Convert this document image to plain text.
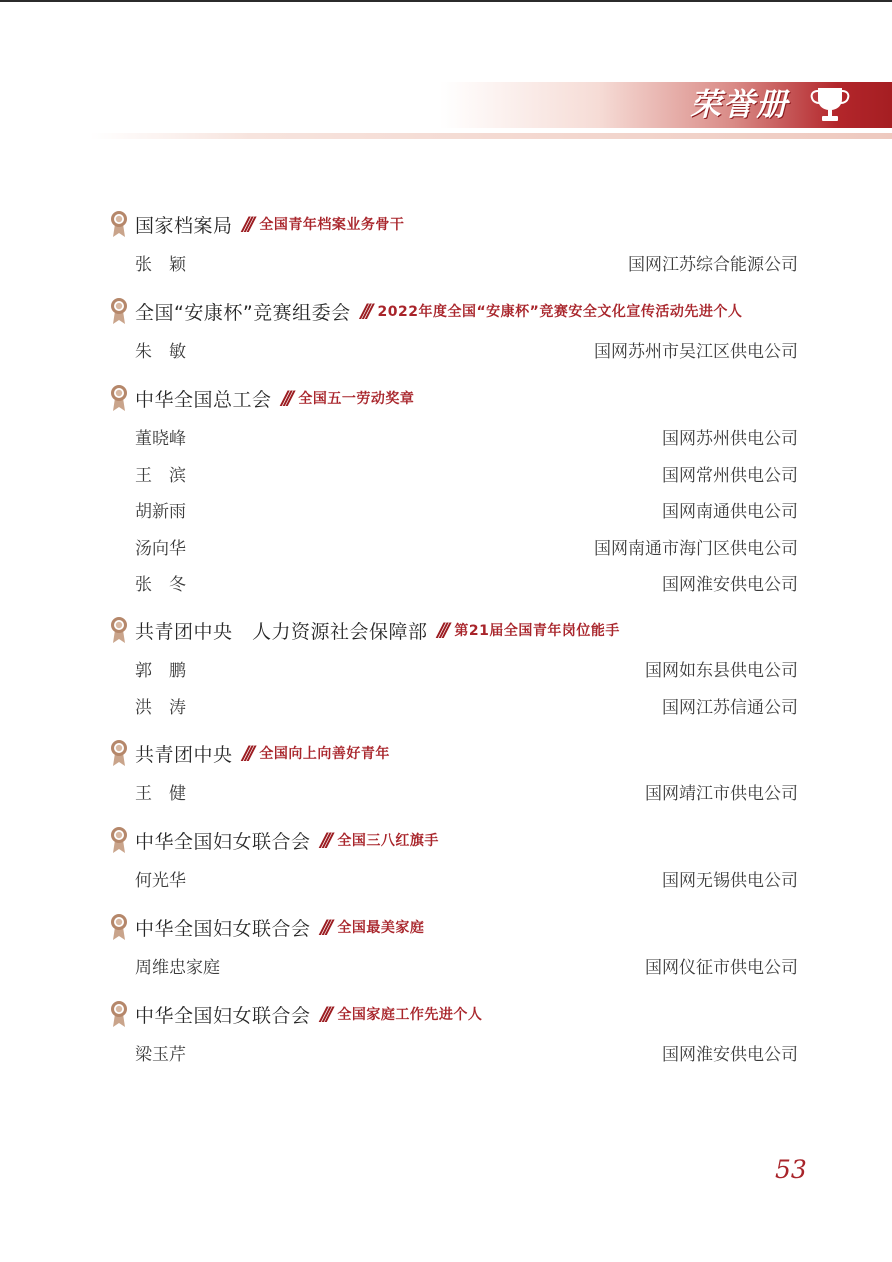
荣誉册
国家档案局 /// 全国青年档案业务骨干
张　颖	国网江苏综合能源公司
全国“安康杯”竞赛组委会 /// 2022年度全国“安康杯”竞赛安全文化宣传活动先进个人
朱　敏	国网苏州市吴江区供电公司
中华全国总工会 /// 全国五一劳动奖章
董晓峰	国网苏州供电公司
王　滨	国网常州供电公司
胡新雨	国网南通供电公司
汤向华	国网南通市海门区供电公司
张　冬	国网淮安供电公司
共青团中央　人力资源社会保障部 /// 第21届全国青年岗位能手
郭　鹏	国网如东县供电公司
洪　涛	国网江苏信通公司
共青团中央 /// 全国向上向善好青年
王　健	国网靖江市供电公司
中华全国妇女联合会 /// 全国三八红旗手
何光华	国网无锡供电公司
中华全国妇女联合会 /// 全国最美家庭
周维忠家庭	国网仪征市供电公司
中华全国妇女联合会 /// 全国家庭工作先进个人
梁玉芹	国网淮安供电公司
53
